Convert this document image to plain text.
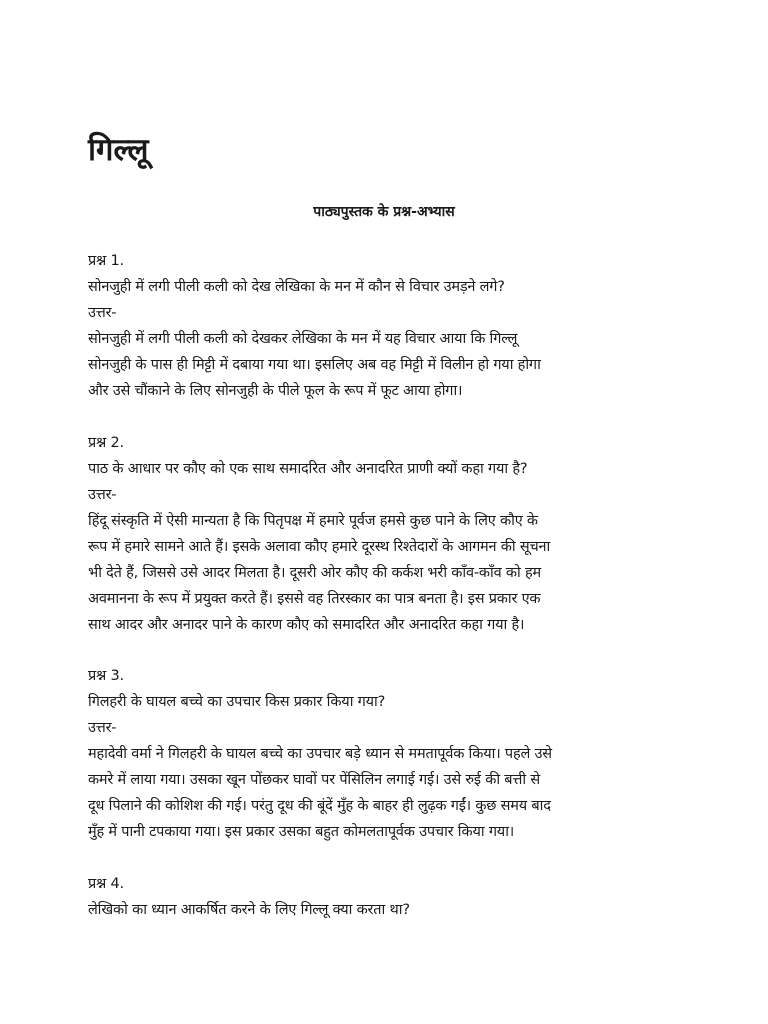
गिल्लू
पाठ्यपुस्तक के प्रश्न-अभ्यास
प्रश्न 1.
सोनजुही में लगी पीली कली को देख लेखिका के मन में कौन से विचार उमड़ने लगे?
उत्तर-
सोनजुही में लगी पीली कली को देखकर लेखिका के मन में यह विचार आया कि गिल्लू
सोनजुही के पास ही मिट्टी में दबाया गया था। इसलिए अब वह मिट्टी में विलीन हो गया होगा
और उसे चौंकाने के लिए सोनजुही के पीले फूल के रूप में फूट आया होगा।
प्रश्न 2.
पाठ के आधार पर कौए को एक साथ समादरित और अनादरित प्राणी क्यों कहा गया है?
उत्तर-
हिंदू संस्कृति में ऐसी मान्यता है कि पितृपक्ष में हमारे पूर्वज हमसे कुछ पाने के लिए कौए के
रूप में हमारे सामने आते हैं। इसके अलावा कौए हमारे दूरस्थ रिश्तेदारों के आगमन की सूचना
भी देते हैं, जिससे उसे आदर मिलता है। दूसरी ओर कौए की कर्कश भरी काँव-काँव को हम
अवमानना के रूप में प्रयुक्त करते हैं। इससे वह तिरस्कार का पात्र बनता है। इस प्रकार एक
साथ आदर और अनादर पाने के कारण कौए को समादरित और अनादरित कहा गया है।
प्रश्न 3.
गिलहरी के घायल बच्चे का उपचार किस प्रकार किया गया?
उत्तर-
महादेवी वर्मा ने गिलहरी के घायल बच्चे का उपचार बड़े ध्यान से ममतापूर्वक किया। पहले उसे
कमरे में लाया गया। उसका खून पोंछकर घावों पर पेंसिलिन लगाई गई। उसे रुई की बत्ती से
दूध पिलाने की कोशिश की गई। परंतु दूध की बूंदें मुँह के बाहर ही लुढ़क गईं। कुछ समय बाद
मुँह में पानी टपकाया गया। इस प्रकार उसका बहुत कोमलतापूर्वक उपचार किया गया।
प्रश्न 4.
लेखिको का ध्यान आकर्षित करने के लिए गिल्लू क्या करता था?
